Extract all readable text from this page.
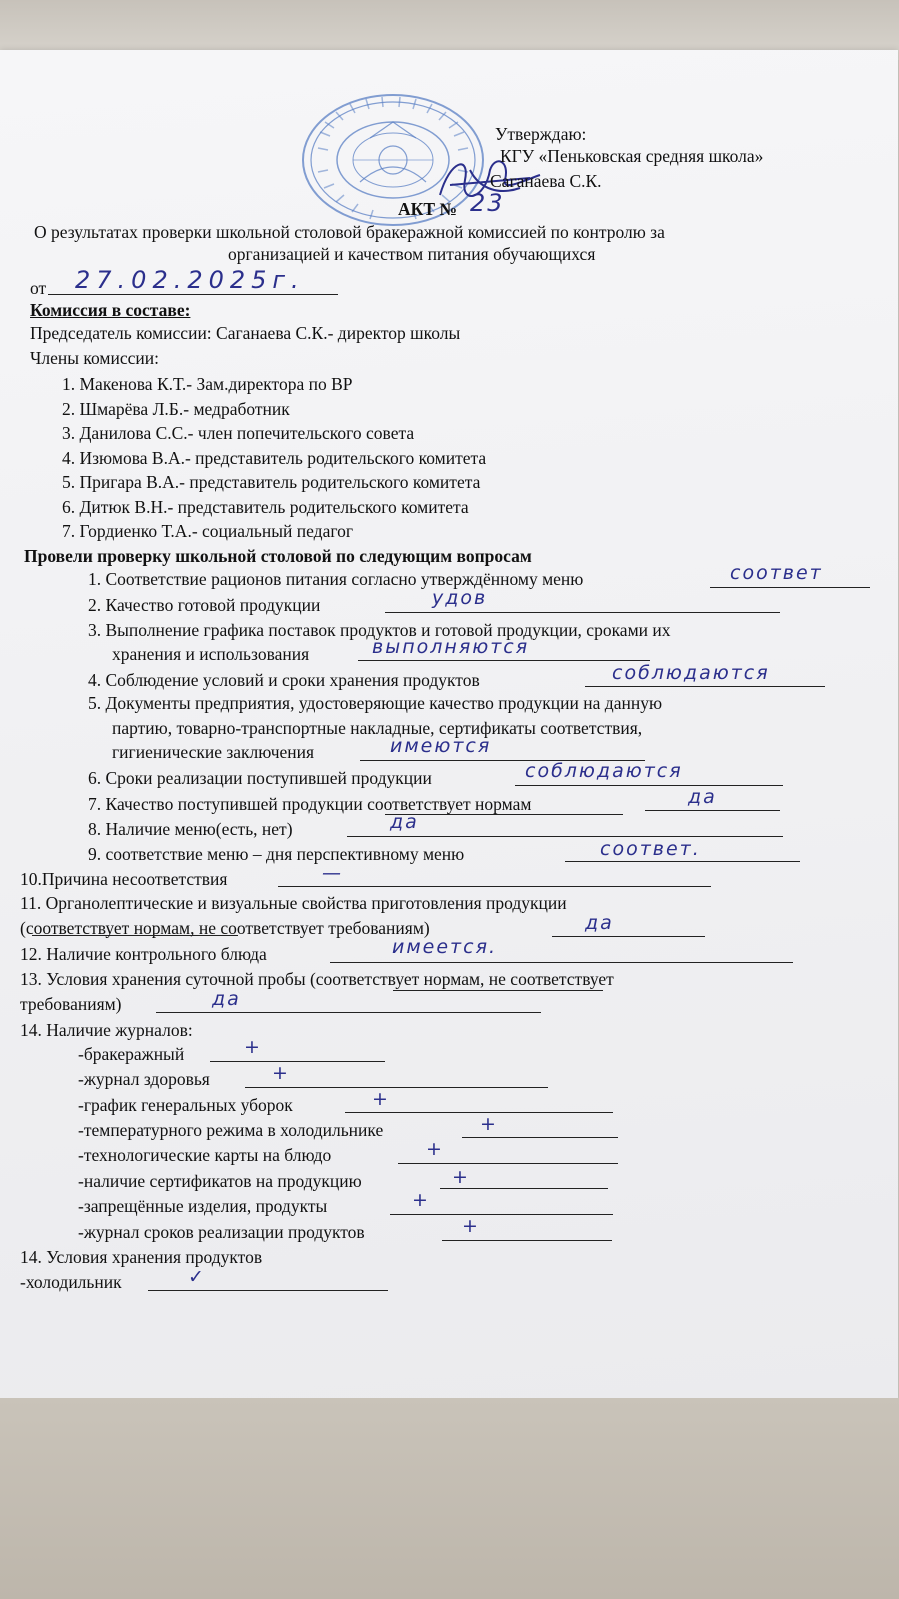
Утверждаю:
КГУ «Пеньковская средняя школа»
Саганаева С.К.
АКТ № 23
О результатах проверки школьной столовой бракеражной комиссией по контролю за
организацией и качеством питания обучающихся
от 27.02.2025г.
Комиссия в составе:
Председатель комиссии: Саганаева С.К.- директор школы
Члены комиссии:
1. Макенова К.Т.- Зам.директора по ВР
2. Шмарёва Л.Б.- медработник
3. Данилова С.С.- член попечительского совета
4. Изюмова В.А.- представитель родительского комитета
5. Пригара В.А.- представитель родительского комитета
6. Дитюк В.Н.- представитель родительского комитета
7. Гордиенко Т.А.- социальный педагог
Провели проверку школьной столовой по следующим вопросам
1. Соответствие рационов питания согласно утверждённому меню	соответ
2. Качество готовой продукции	удов
3. Выполнение графика поставок продуктов и готовой продукции, сроками их
хранения и использования	выполняются
4. Соблюдение условий и сроки хранения продуктов	соблюдаются
5. Документы предприятия, удостоверяющие качество продукции на данную
партию, товарно-транспортные накладные, сертификаты соответствия,
гигиенические заключения	имеются
6. Сроки реализации поступившей продукции	соблюдаются
7. Качество поступившей продукции соответствует нормам	да
8. Наличие меню(есть, нет)	да
9. соответствие меню – дня перспективному меню	соответ.
10.Причина несоответствия	—
11. Органолептические и визуальные свойства приготовления продукции
(соответствует нормам, не соответствует требованиям)	да
12. Наличие контрольного блюда	имеется.
13. Условия хранения суточной пробы (соответствует нормам, не соответствует
требованиям)	да
14. Наличие журналов:
-бракеражный	+
-журнал здоровья	+
-график генеральных уборок	+
-температурного режима в холодильнике	+
-технологические карты на блюдо	+
-наличие сертификатов на продукцию	+
-запрещённые изделия, продукты	+
-журнал сроков реализации продуктов	+
14. Условия хранения продуктов
-холодильник	✓
